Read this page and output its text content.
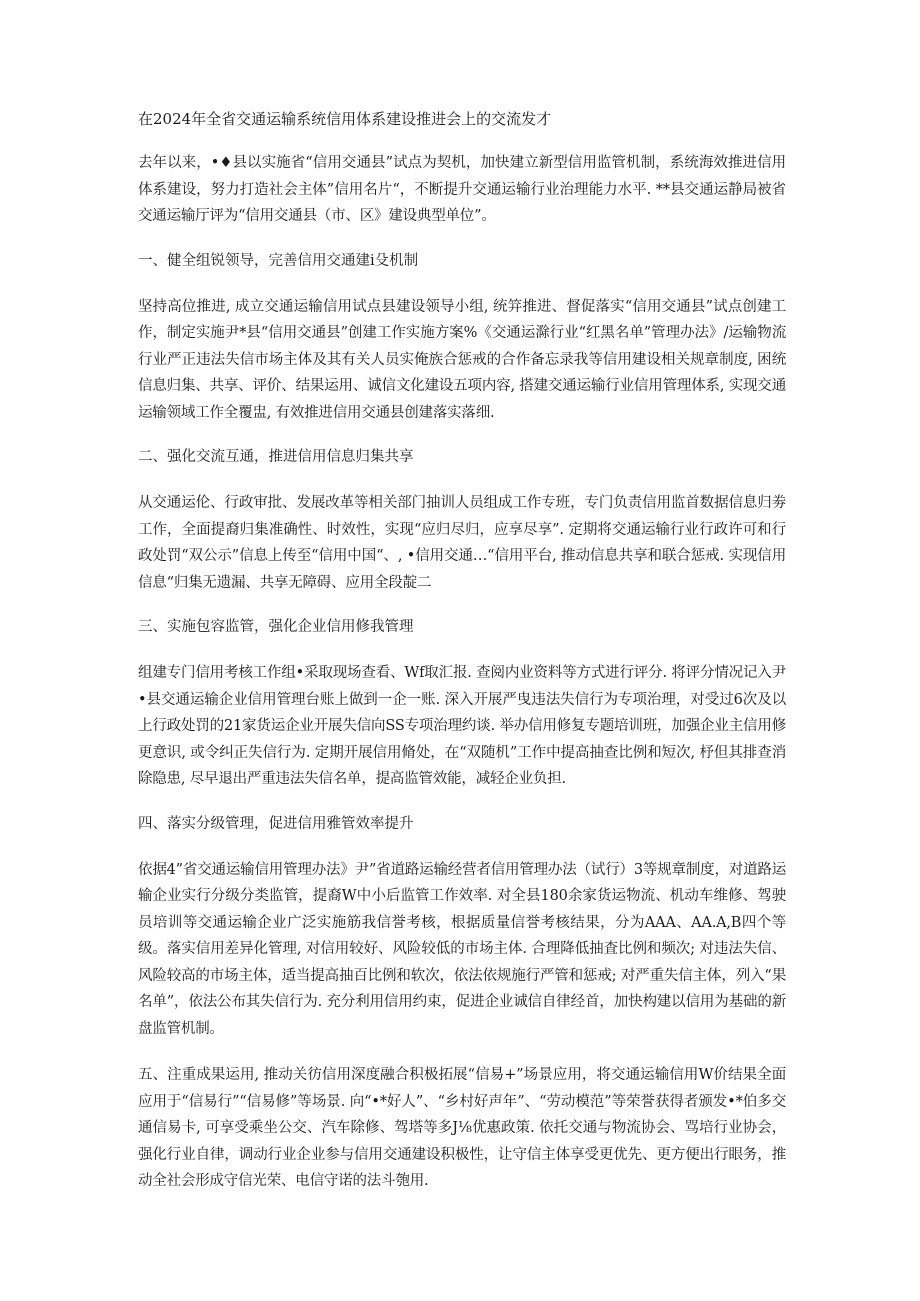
在2024年全省交通运输系统信用体系建设推进会上的交流发才

去年以来，•♦县以实施省“信用交通县”试点为契机，加快建立新型信用监管机制，系统海效推进信用体系建设，努力打造社会主体”信用名片“，不断提升交通运输行业治理能力水平. **县交通运静局被省交通运输厅评为“信用交通县（市、区》建设典型单位”。

一、健全组锐领导，完善信用交通建i殳机制

坚持高位推进, 成立交通运输信用试点县建设领导小组, 统笄推进、督促落实“信用交通县”试点创建工作，制定实施尹*县“信用交通县”创建工作实施方案%《交通运滁行业“红黑名单”管理办法》/运输物流行业严正违法失信市场主体及其有关人员实俺族合惩戒的合作备忘录我等信用建设相关规章制度, 困统信息归集、共享、评价、结果运用、诚信文化建设五项内容, 搭建交通运输行业信用管理体系, 实现交通运输领域工作全覆盅, 有效推进信用交通县创建落实落细.

二、强化交流互通，推进信用信息归集共享

从交通运伦、行政审批、发展改革等相关部门抽训人员组成工作专班，专门负责信用监首数据信息归劵工作，全面提裔归集准确性、时效性，实现“应归尽归，应享尽享”. 定期将交通运输行业行政许可和行政处罚“双公示”信息上传至“信用中国“、, •信用交通…“信用平台, 推动信息共享和联合惩戒. 实现信用信息“归集无遗漏、共享无障碍、应用全段靛二

三、实施包容监管，强化企业信用修我管理

组建专门信用考核工作组•采取现场查看、Wf取汇报. 查阅内业资料等方式进行评分. 将评分情况记入尹•县交通运输企业信用管理台账上做到一企一账. 深入开展严曳违法失信行为专项治理，对受过6次及以上行政处罚的21家货运企业开展失信向SS专项治理约谈. 举办信用修复专题培训班，加强企业主信用修更意识, 或令纠正失信行为. 定期开展信用脩处，在“双随机”工作中提高抽查比例和短次, 杼但其排查消除隐患, 尽早退出严重违法失信名单，提高监管效能，减轻企业负担.

四、落实分级管理，促进信用雅管效率提升

依据4”省交通运输信用管理办法》尹”省道路运输经营者信用管理办法（试行）3等规章制度，对道路运输企业实行分级分类监管，提裔W中小后监管工作效率. 对全县180余家货运物流、机动车维修、驾驶员培训等交通运输企业广泛实施筋我信誉考核，根据质量信誉考核结果，分为AAA、AA.A,B四个等级。落实信用差异化管理, 对信用较好、风险较低的市场主体. 合理降低抽査比例和频次; 对违法失信、风险较高的市场主体，适当提高抽百比例和软次，依法依规施行严管和惩戒; 对严重失信主体，列入“果名单”，依法公布其失信行为. 充分利用信用约束，促进企业诚信自律经首，加快构建以信用为基础的新盘监管机制。

五、注重成果运用, 推动关彷信用深度融合积极拓展“信易+”场景应用，将交通运输信用W价结果全面应用于“信易行”“信易修”等场景. 向“•*好人”、“乡村好声年”、“劳动模范”等荣誉获得者颁发•*伯多交通信易卡, 可享受乘坐公交、汽车除修、驾塔等多J⅛优惠政策. 依托交通与物流协会、骂培行业协会，强化行业自律，调动行业企业参与信用交通建设积极性，让守信主体享受更优先、更方便出行眼务，推动全社会形成守信光荣、电信守诺的法斗匏用.
